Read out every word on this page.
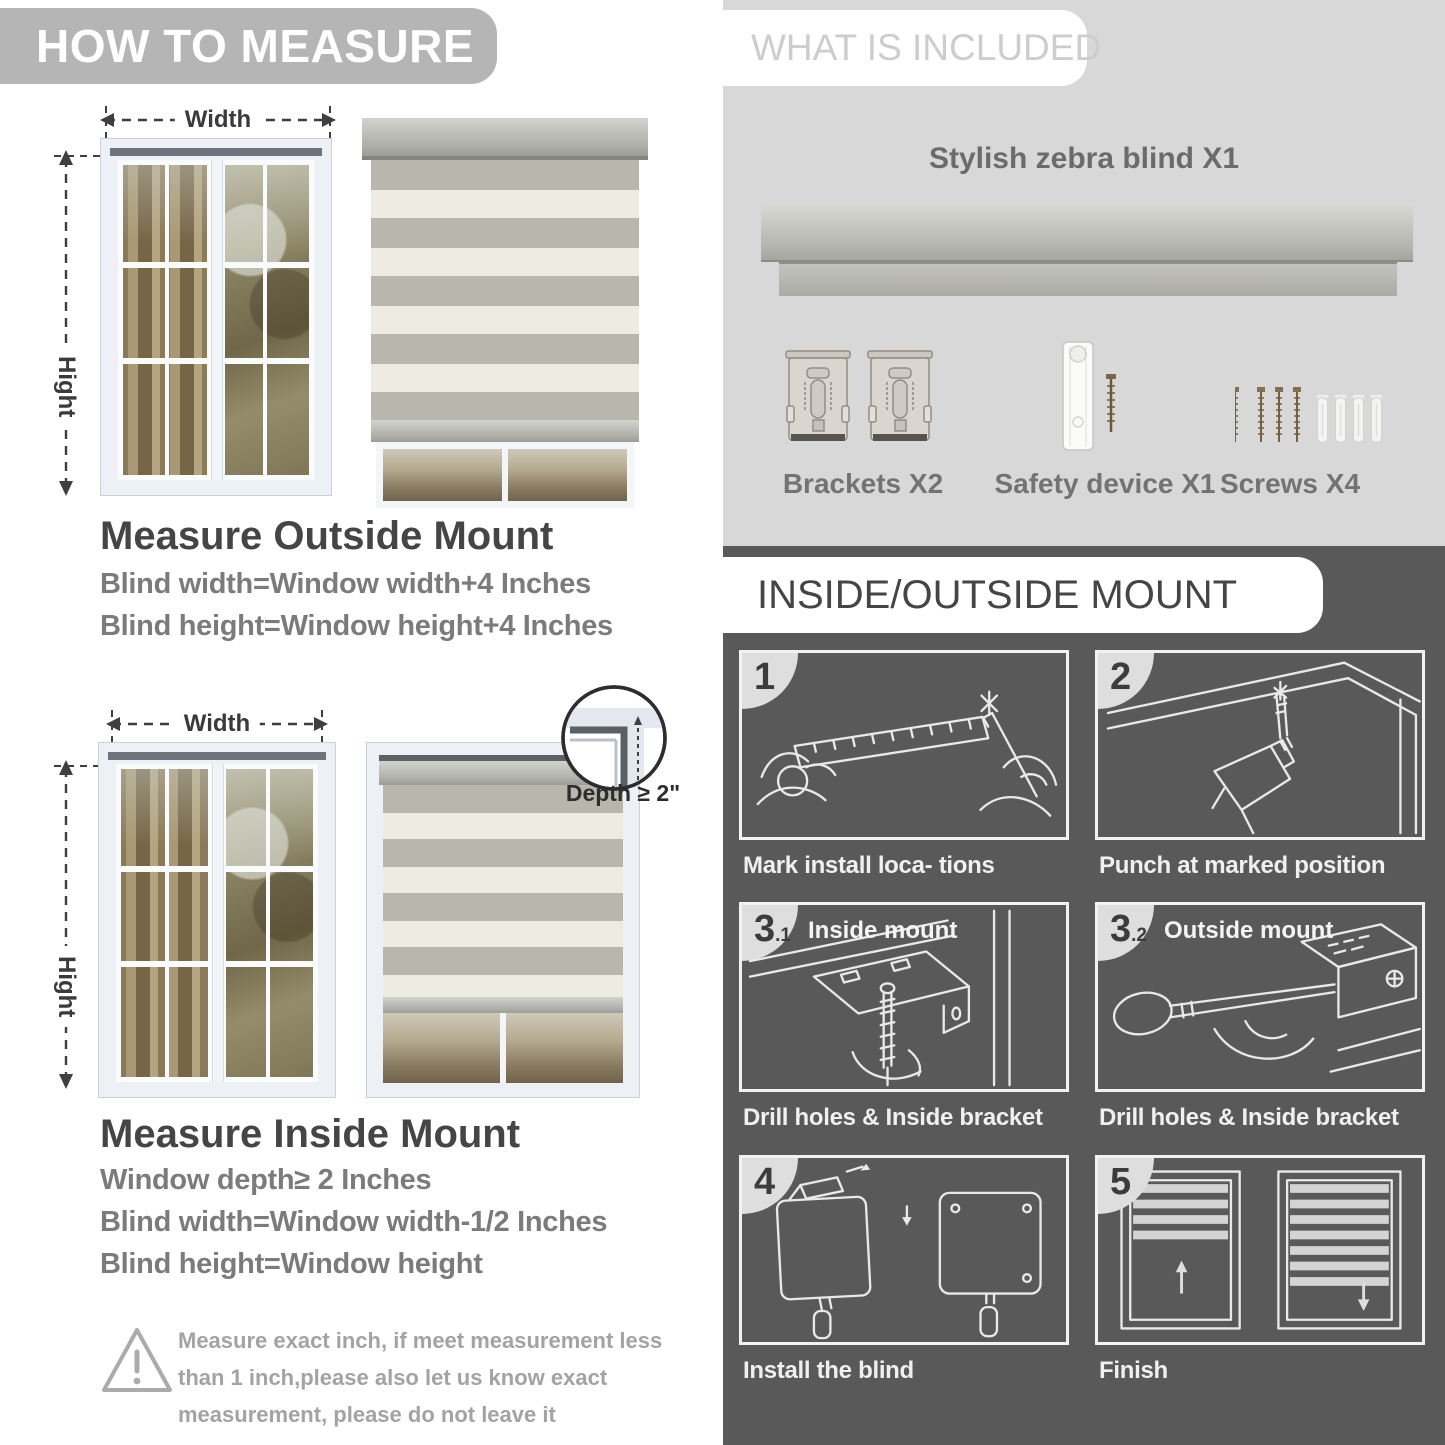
HOW TO MEASURE
Width
Hight
Measure Outside Mount
Blind width=Window width+4 Inches
Blind height=Window height+4 Inches
Width
Hight
Depth ≥ 2"
Measure Inside Mount
Window depth≥ 2 Inches
Blind width=Window width-1/2 Inches
Blind height=Window height
Measure exact inch, if meet measurement less
than 1 inch,please also let us know exact
measurement, please do not leave it
WHAT IS INCLUDED
Stylish zebra blind X1
Brackets X2	Safety device X1 Screws X4
INSIDE/OUTSIDE MOUNT
1
Mark install loca- tions
2
Punch at marked position
3 .1 Inside mount
Drill holes & Inside bracket
3 .2 Outside mount
Drill holes & Inside bracket
4
Install the blind
5
Finish
